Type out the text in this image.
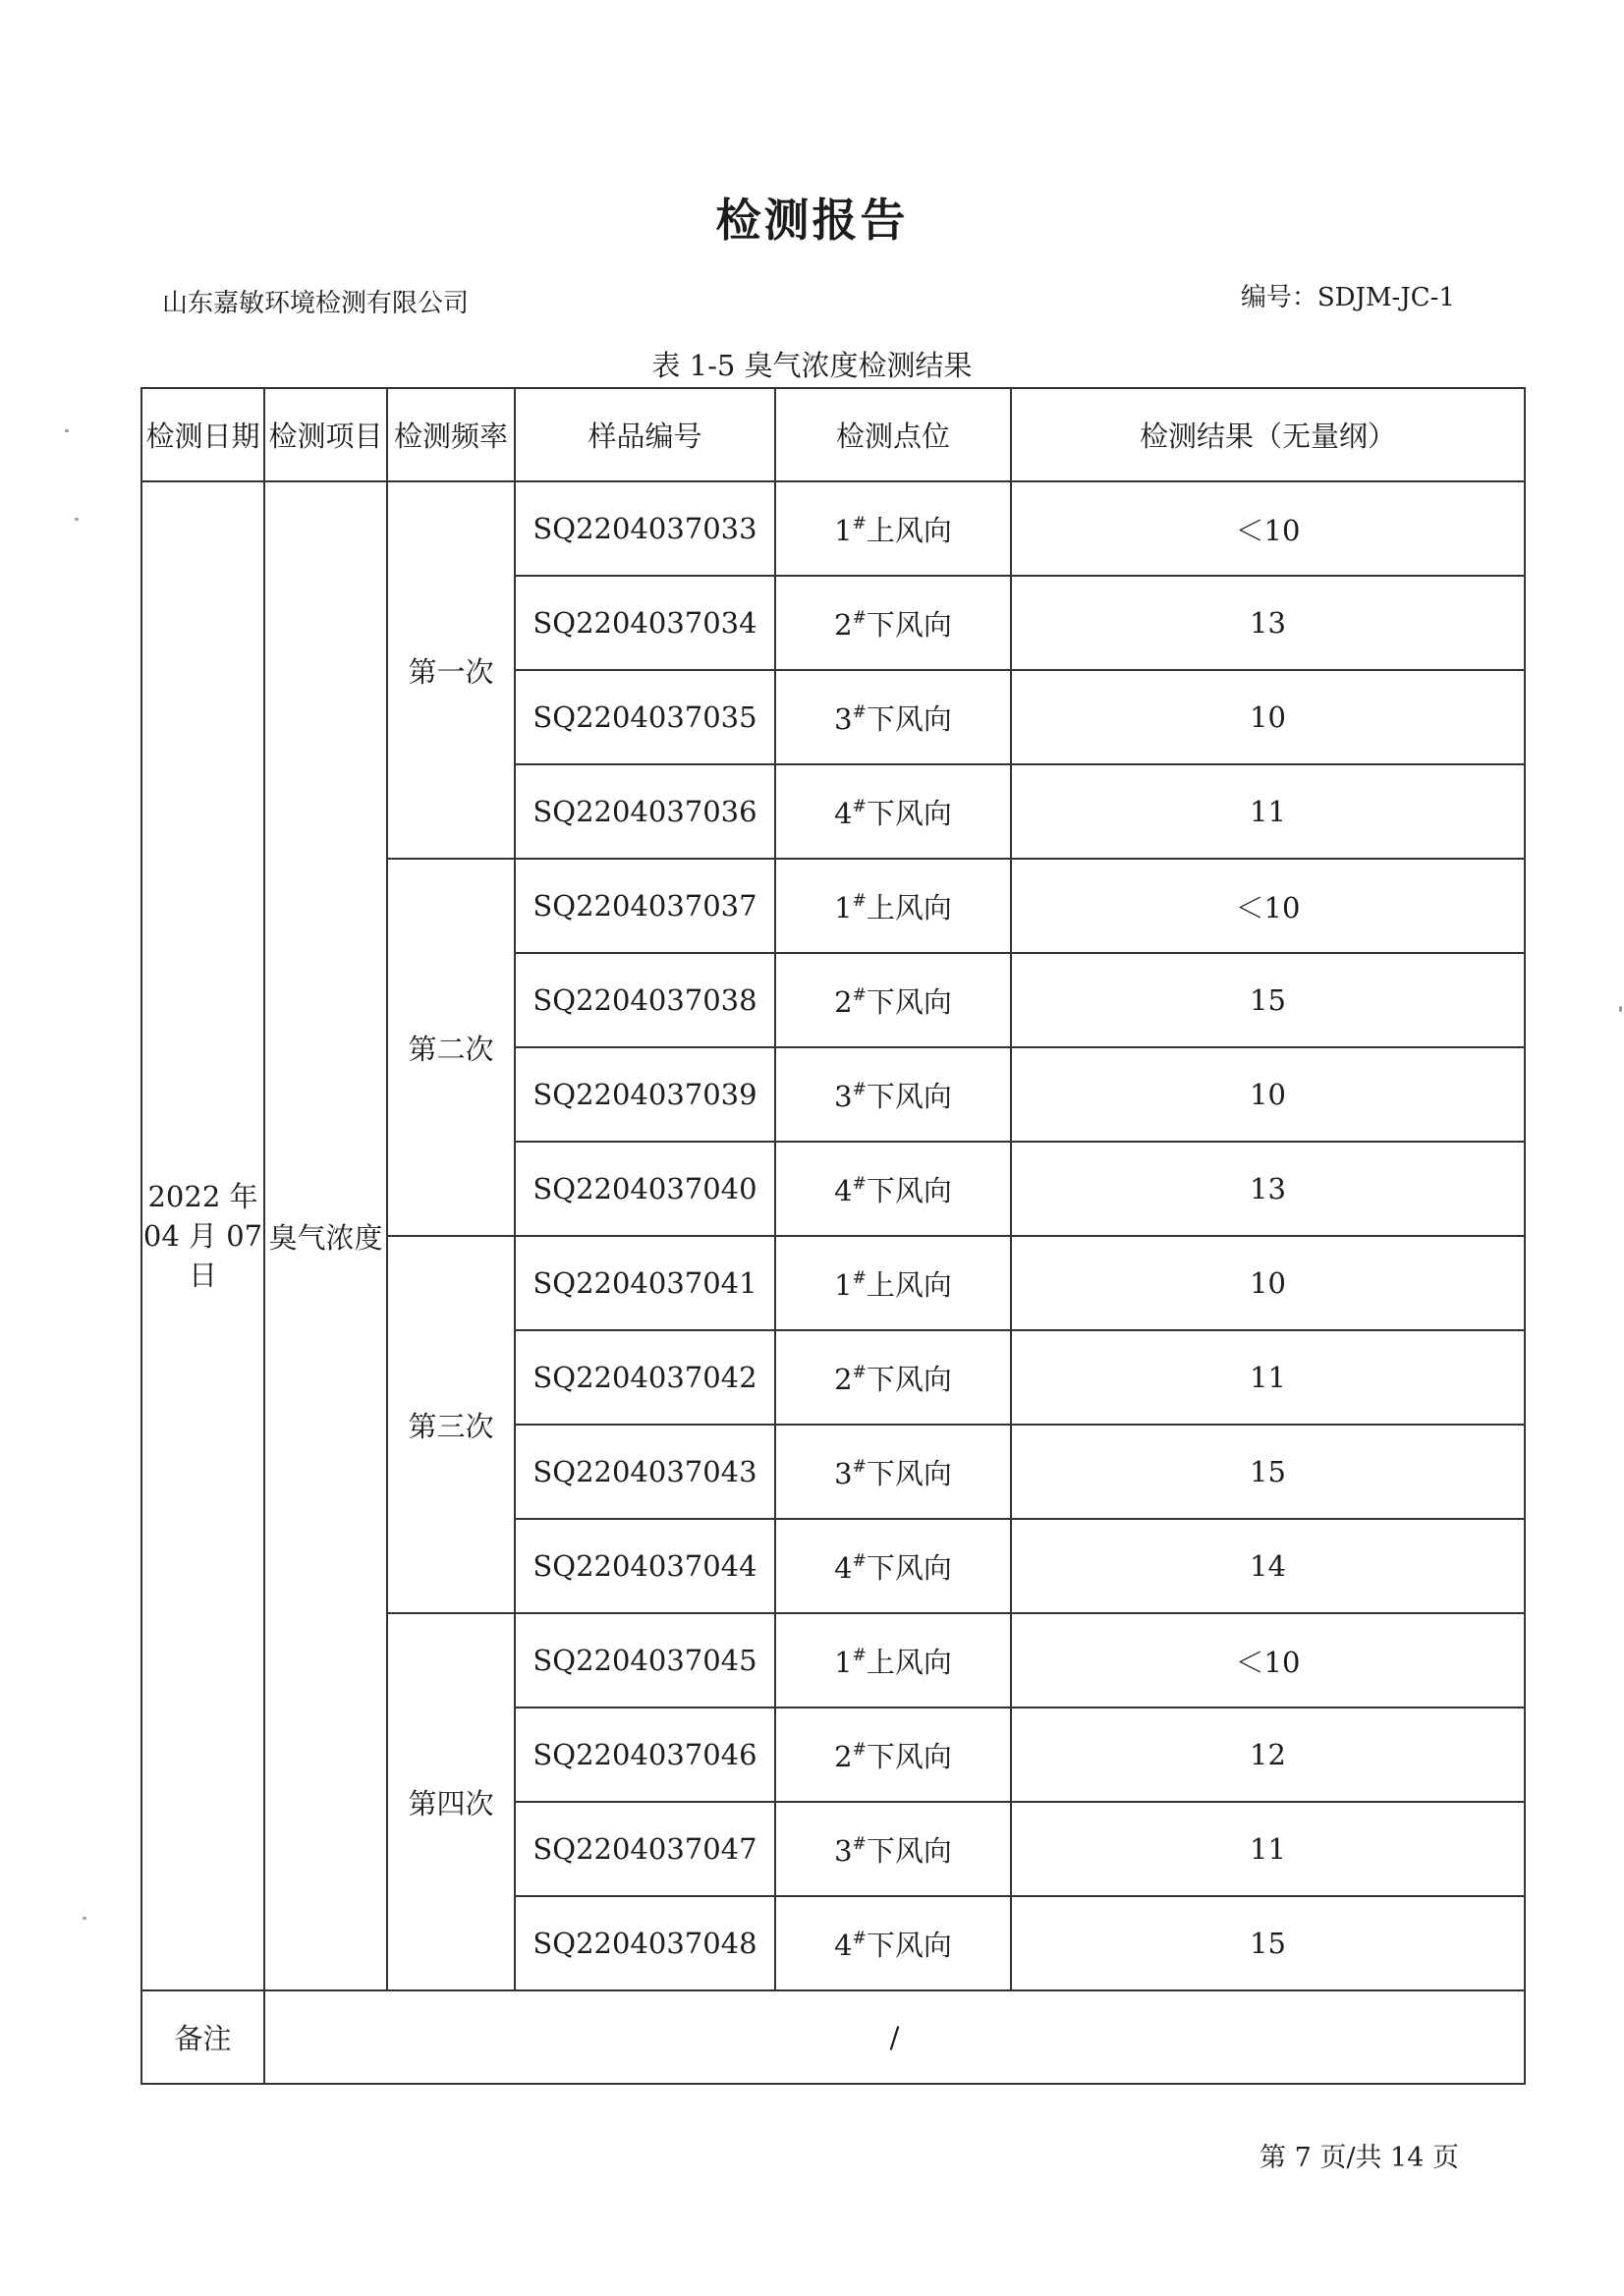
检测报告
山东嘉敏环境检测有限公司	编号：SDJM-JC-1
表 1-5 臭气浓度检测结果
检测日期	检测项目	检测频率	样品编号	检测点位	检测结果（无量纲）

2022 年
04 月 07 日	臭气浓度	第一次	SQ2204037033	1#上风向	＜10
			SQ2204037034	2#下风向	13
			SQ2204037035	3#下风向	10
			SQ2204037036	4#下风向	11
		第二次	SQ2204037037	1#上风向	＜10
			SQ2204037038	2#下风向	15
			SQ2204037039	3#下风向	10
			SQ2204037040	4#下风向	13
		第三次	SQ2204037041	1#上风向	10
			SQ2204037042	2#下风向	11
			SQ2204037043	3#下风向	15
			SQ2204037044	4#下风向	14
		第四次	SQ2204037045	1#上风向	＜10
			SQ2204037046	2#下风向	12
			SQ2204037047	3#下风向	11
			SQ2204037048	4#下风向	15
备注	/				
第 7 页/共 14 页
